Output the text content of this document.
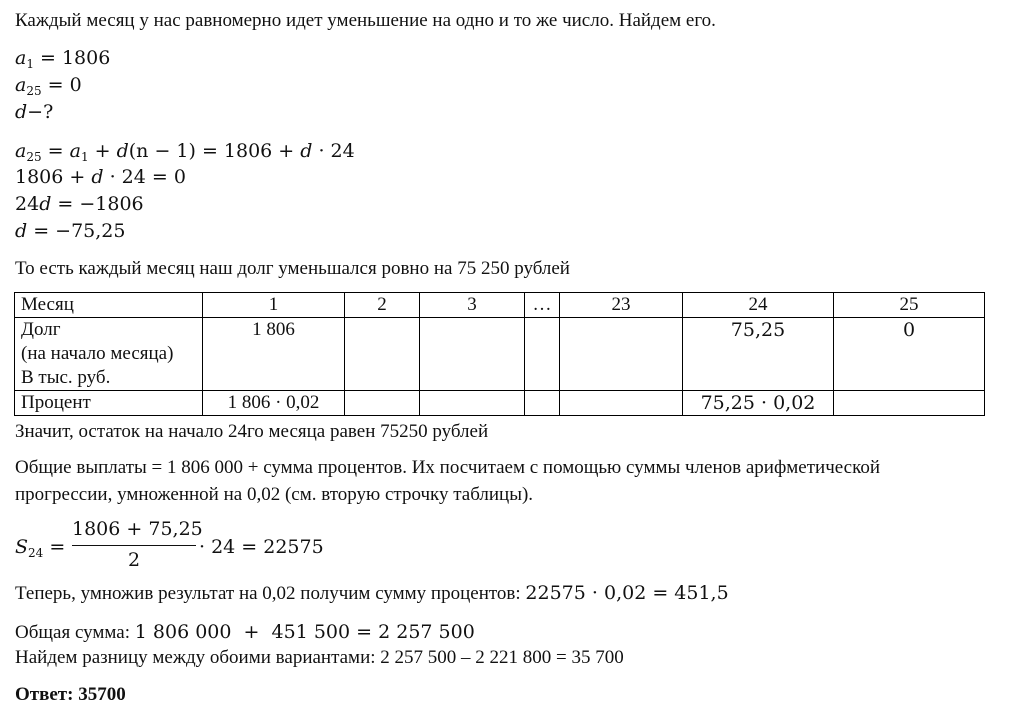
Каждый месяц у нас равномерно идет уменьшение на одно и то же число. Найдем его.
$a_1 = 1806$
$a_{25} = 0$
d−?
$a_{25} = a_1 + d(n - 1) = 1806 + d \cdot 24$
1806 + d · 24 = 0
24d = −1806
d = −75,25
То есть каждый месяц наш долг уменьшался ровно на 75 250 рублей
Месяц	1	2	3	…	23	24	25

Долг
(на начало месяца)
В тыс. руб.	1 806					75,25	0
Процент	1 806 · 0,02					75,25 · 0,02	
Значит, остаток на начало 24го месяца равен 75250 рублей
Общие выплаты = 1 806 000 + сумма процентов. Их посчитаем с помощью суммы членов арифметической
прогрессии, умноженной на 0,02 (см. вторую строчку таблицы).
$S_{24}$ =
1806 + 75,25
2
· 24 = 22575
Теперь, умножив результат на 0,02 получим сумму процентов: 22575 · 0,02 = 451,5
Общая сумма: 1 806 000  +  451 500 = 2 257 500
Найдем разницу между обоими вариантами: 2 257 500 – 2 221 800 = 35 700
Ответ: 35700
